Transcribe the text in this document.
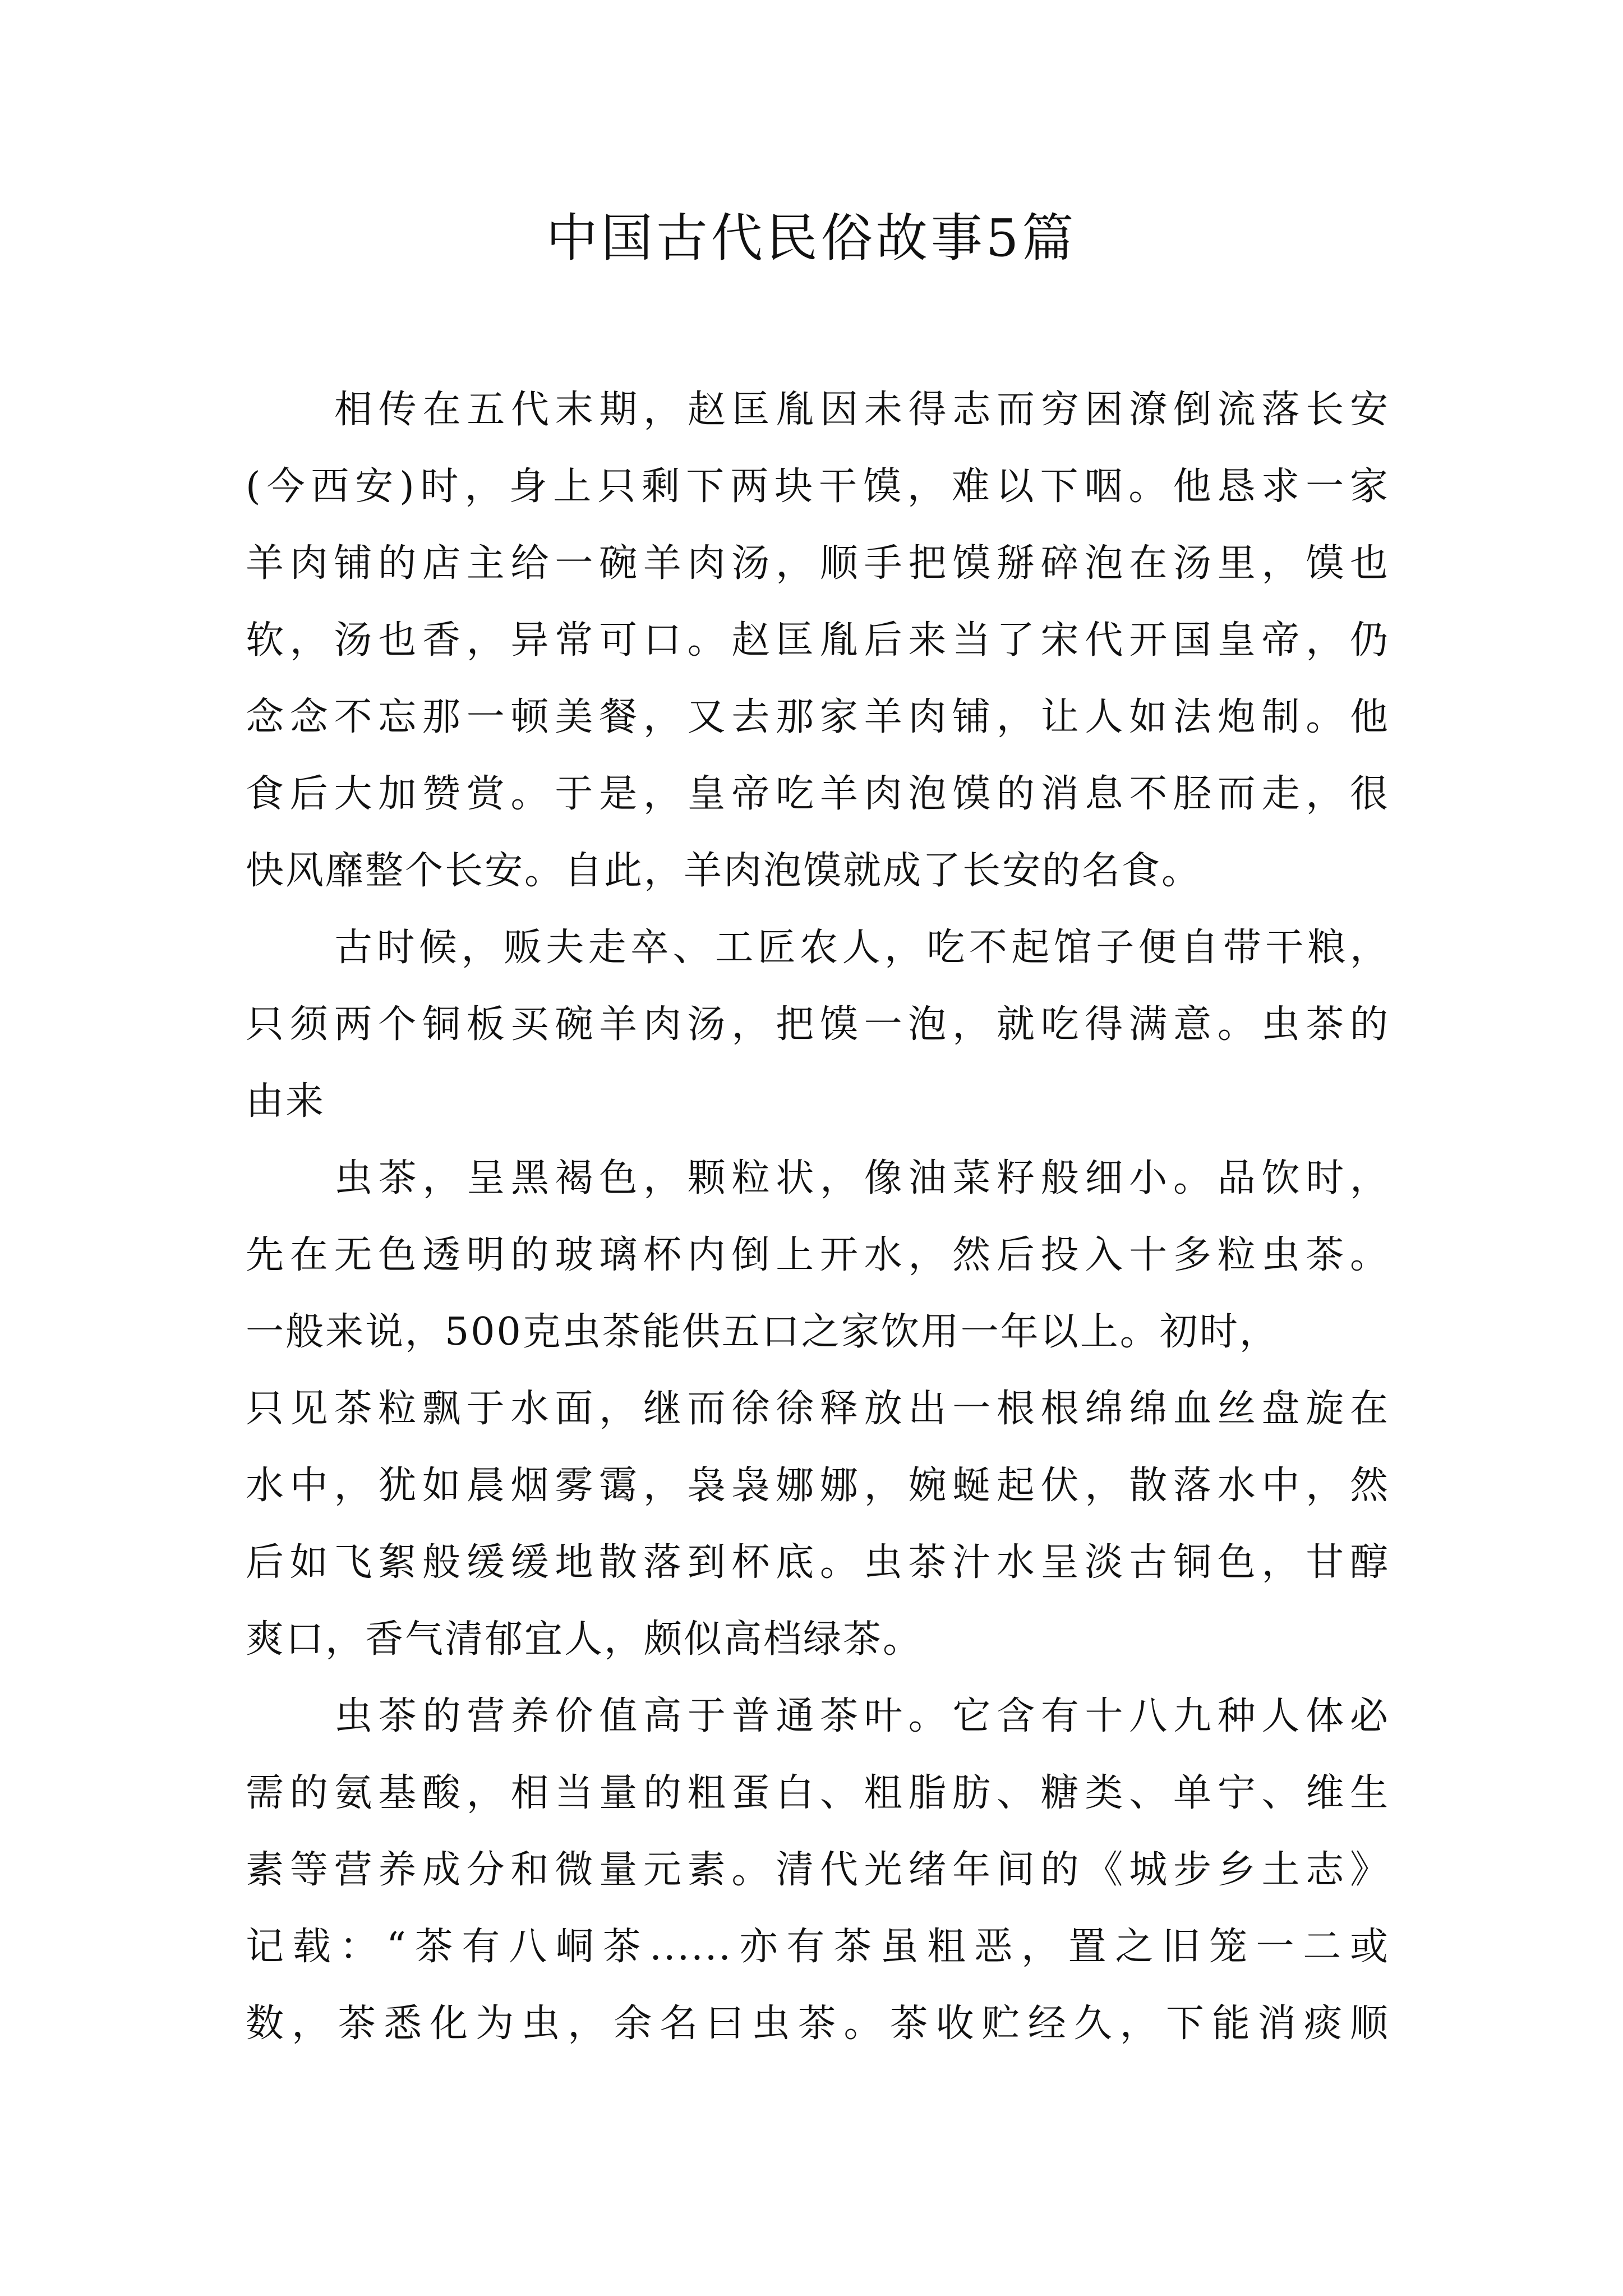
中国古代民俗故事5篇
相传在五代末期，赵匡胤因未得志而穷困潦倒流落长安
(今西安)时，身上只剩下两块干馍，难以下咽。他恳求一家
羊肉铺的店主给一碗羊肉汤，顺手把馍掰碎泡在汤里，馍也
软，汤也香，异常可口。赵匡胤后来当了宋代开国皇帝，仍
念念不忘那一顿美餐，又去那家羊肉铺，让人如法炮制。他
食后大加赞赏。于是，皇帝吃羊肉泡馍的消息不胫而走，很
快风靡整个长安。自此，羊肉泡馍就成了长安的名食。
古时候，贩夫走卒、工匠农人，吃不起馆子便自带干粮，
只须两个铜板买碗羊肉汤，把馍一泡，就吃得满意。虫茶的
由来
虫茶，呈黑褐色，颗粒状，像油菜籽般细小。品饮时，
先在无色透明的玻璃杯内倒上开水，然后投入十多粒虫茶。
一般来说，500克虫茶能供五口之家饮用一年以上。初时，
只见茶粒飘于水面，继而徐徐释放出一根根绵绵血丝盘旋在
水中，犹如晨烟雾霭，袅袅娜娜，婉蜒起伏，散落水中，然
后如飞絮般缓缓地散落到杯底。虫茶汁水呈淡古铜色，甘醇
爽口，香气清郁宜人，颇似高档绿茶。
虫茶的营养价值高于普通茶叶。它含有十八九种人体必
需的氨基酸，相当量的粗蛋白、粗脂肪、糖类、单宁、维生
素等营养成分和微量元素。清代光绪年间的《城步乡土志》
记载：“茶有八峒茶......亦有茶虽粗恶，置之旧笼一二或
数，茶悉化为虫，余名曰虫茶。茶收贮经久，下能消痰顺
